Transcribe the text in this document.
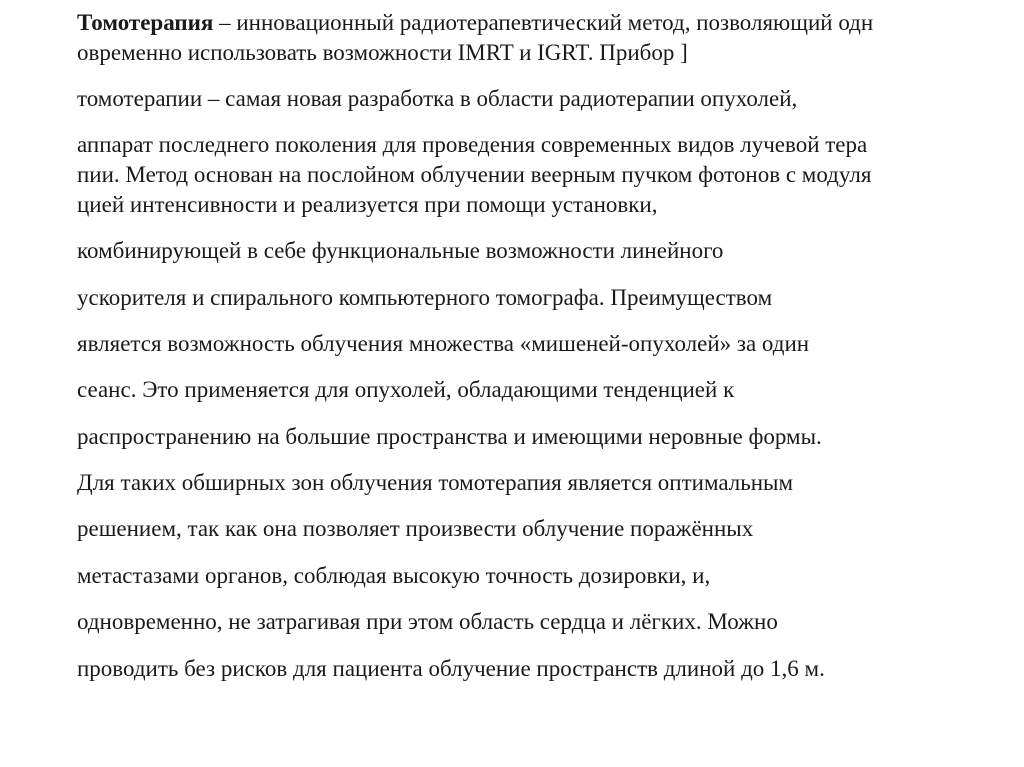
Томотерапия – инновационный радиотерапевтический метод, позволяющий одн

овременно использовать возможности IMRT и IGRT. Прибор ]

томотерапии – самая новая разработка в области радиотерапии опухолей,

аппарат последнего поколения для проведения современных видов лучевой тера

пии. Метод основан на послойном облучении веерным пучком фотонов с модуля

цией интенсивности и реализуется при помощи установки,

комбинирующей в себе функциональные возможности линейного

ускорителя и спирального компьютерного томографа. Преимуществом

является возможность облучения множества «мишеней-опухолей» за один

сеанс. Это применяется для опухолей, обладающими тенденцией к

распространению на большие пространства и имеющими неровные формы.

Для таких обширных зон облучения томотерапия является оптимальным

решением, так как она позволяет произвести облучение поражённых

метастазами органов, соблюдая высокую точность дозировки, и,

одновременно, не затрагивая при этом область сердца и лёгких. Можно

проводить без рисков для пациента облучение пространств длиной до 1,6 м.
